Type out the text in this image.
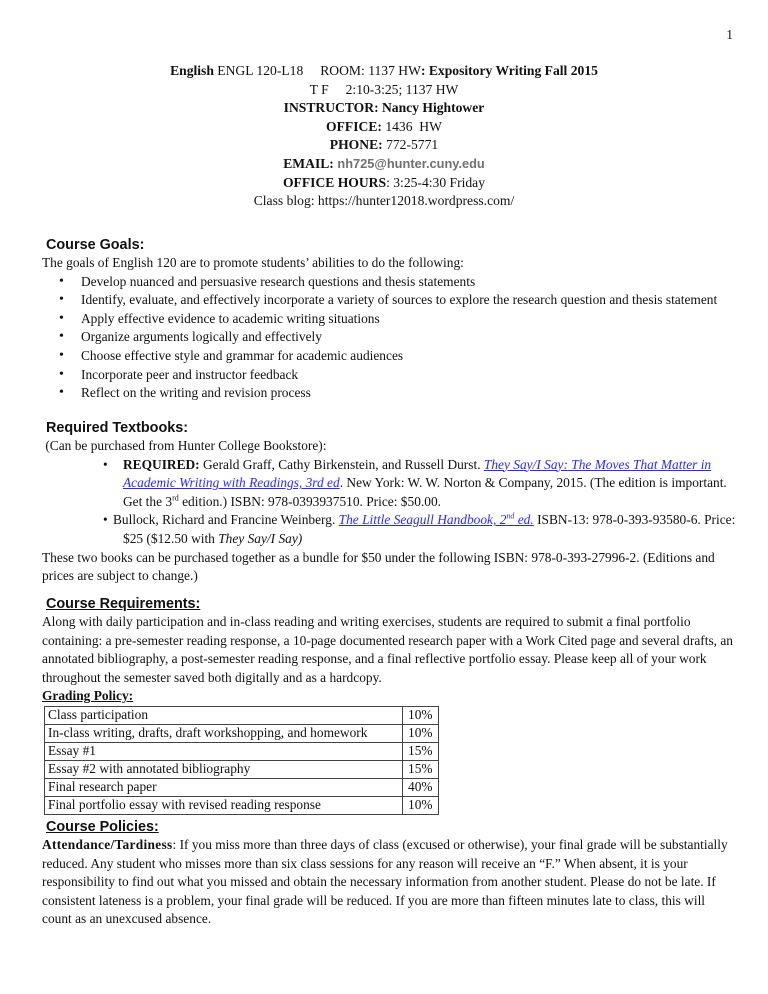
1
English ENGL 120-L18     ROOM: 1137 HW: Expository Writing Fall 2015
T F     2:10-3:25; 1137 HW
INSTRUCTOR: Nancy Hightower
OFFICE: 1436  HW
PHONE: 772-5771
EMAIL: nh725@hunter.cuny.edu
OFFICE HOURS: 3:25-4:30 Friday
Class blog: https://hunter12018.wordpress.com/
Course Goals:

The goals of English 120 are to promote students’ abilities to do the following:

• Develop nuanced and persuasive research questions and thesis statements
• Identify, evaluate, and effectively incorporate a variety of sources to explore the research question and thesis statement
• Apply effective evidence to academic writing situations
• Organize arguments logically and effectively
• Choose effective style and grammar for academic audiences
• Incorporate peer and instructor feedback
• Reflect on the writing and revision process
Required Textbooks:

(Can be purchased from Hunter College Bookstore):

• REQUIRED: Gerald Graff, Cathy Birkenstein, and Russell Durst. They Say/I Say: The Moves That Matter in Academic Writing with Readings, 3rd ed. New York: W. W. Norton & Company, 2015. (The edition is important. Get the 3rd edition.) ISBN: 978-0393937510. Price: $50.00.
• Bullock, Richard and Francine Weinberg. The Little Seagull Handbook, 2nd ed. ISBN-13: 978-0-393-93580-6. Price: $25 ($12.50 with They Say/I Say)

These two books can be purchased together as a bundle for $50 under the following ISBN: 978-0-393-27996-2. (Editions and prices are subject to change.)

Course Requirements:

Along with daily participation and in-class reading and writing exercises, students are required to submit a final portfolio containing: a pre-semester reading response, a 10-page documented research paper with a Work Cited page and several drafts, an annotated bibliography, a post-semester reading response, and a final reflective portfolio essay. Please keep all of your work throughout the semester saved both digitally and as a hardcopy.

Grading Policy:

Class participation	10%
In-class writing, drafts, draft workshopping, and homework	10%
Essay #1	15%
Essay #2 with annotated bibliography	15%
Final research paper	40%
Final portfolio essay with revised reading response	10%
Course Policies:

Attendance/Tardiness: If you miss more than three days of class (excused or otherwise), your final grade will be substantially reduced. Any student who misses more than six class sessions for any reason will receive an “F.” When absent, it is your responsibility to find out what you missed and obtain the necessary information from another student. Please do not be late. If consistent lateness is a problem, your final grade will be reduced. If you are more than fifteen minutes late to class, this will count as an unexcused absence.
